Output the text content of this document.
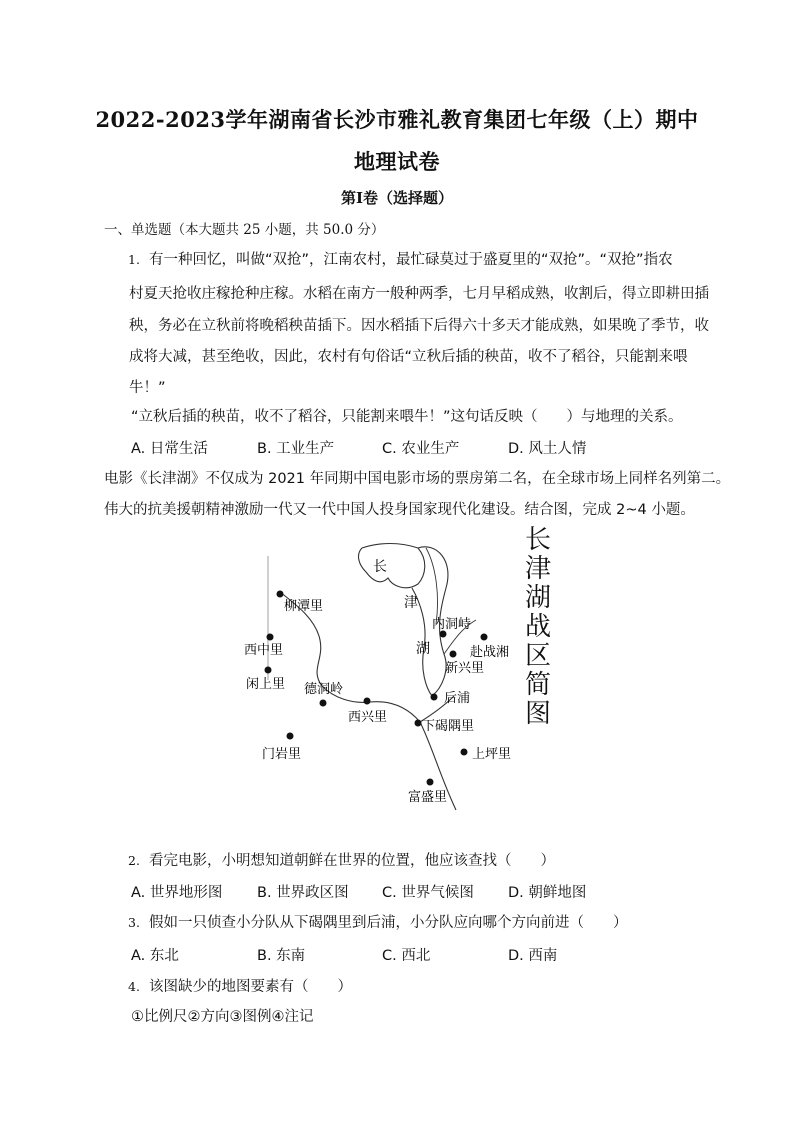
2022-2023学年湖南省长沙市雅礼教育集团七年级（上）期中
地理试卷
第Ⅰ卷（选择题）
一、单选题（本大题共 25 小题，共 50.0 分）
1. 有一种回忆，叫做“双抢”，江南农村，最忙碌莫过于盛夏里的“双抢”。“双抢”指农
村夏天抢收庄稼抢种庄稼。水稻在南方一般种两季，七月早稻成熟，收割后，得立即耕田插
秧，务必在立秋前将晚稻秧苗插下。因水稻插下后得六十多天才能成熟，如果晚了季节，收
成将大减，甚至绝收，因此，农村有句俗话“立秋后插的秧苗，收不了稻谷，只能割来喂
牛！”
“立秋后插的秧苗，收不了稻谷，只能割来喂牛！”这句话反映（　　）与地理的关系。
A. 日常生活	B. 工业生产	C. 农业生产	D. 风土人情
电影《长津湖》不仅成为 2021 年同期中国电影市场的票房第二名，在全球市场上同样名列第二。
伟大的抗美援朝精神激励一代又一代中国人投身国家现代化建设。结合图，完成 2~4 小题。
长
津
湖
柳潭里
西中里
闲上里 德洞岭
西兴里
门岩里
内洞峙
赴战湘
新兴里
后浦
下碣隅里
上坪里
富盛里
长津湖战区简图
2. 看完电影，小明想知道朝鲜在世界的位置，他应该查找（　　）
A. 世界地形图 B. 世界政区图 C. 世界气候图 D. 朝鲜地图
3. 假如一只侦查小分队从下碣隅里到后浦，小分队应向哪个方向前进（　　）
A. 东北	B. 东南	C. 西北	D. 西南
4. 该图缺少的地图要素有（　　）
①比例尺②方向③图例④注记
